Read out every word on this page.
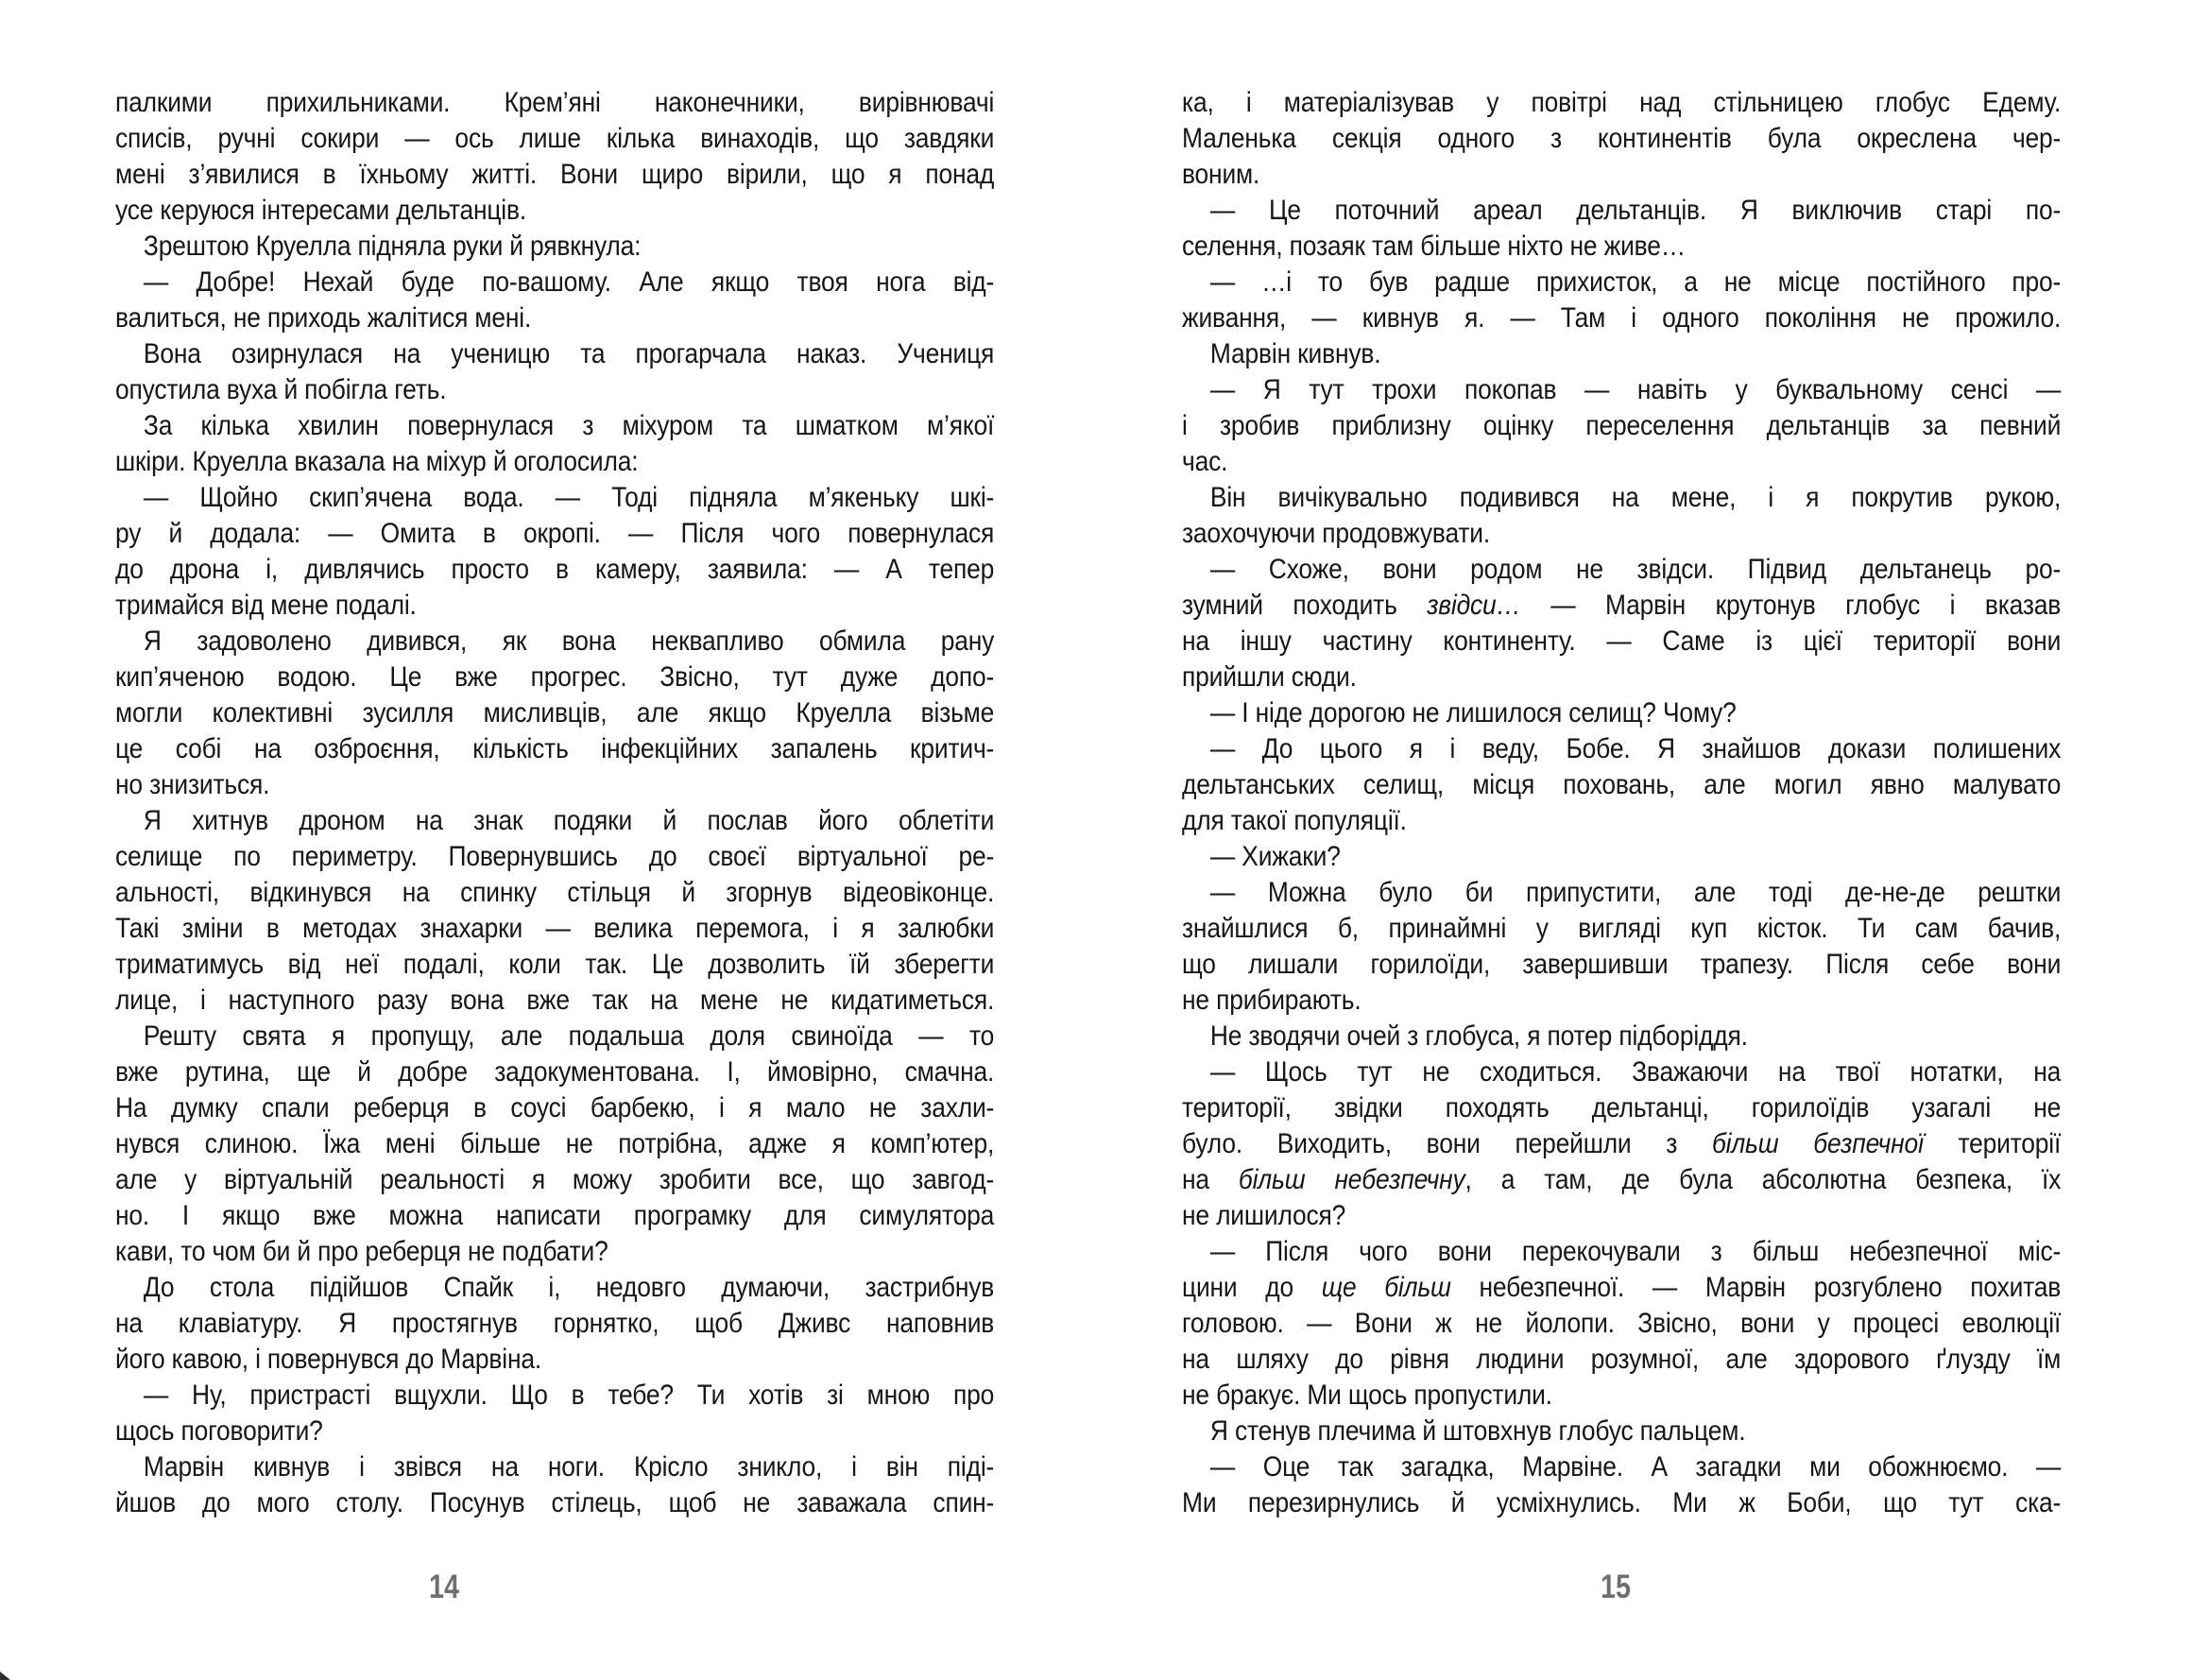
палкими прихильниками. Крем’яні наконечники, вирівнювачі
списів, ручні сокири — ось лише кілька винаходів, що завдяки
мені з’явилися в їхньому житті. Вони щиро вірили, що я понад
усе керуюся інтересами дельтанців.
Зрештою Круелла підняла руки й рявкнула:
— Добре! Нехай буде по-вашому. Але якщо твоя нога від-
валиться, не приходь жалітися мені.
Вона озирнулася на ученицю та прогарчала наказ. Учениця
опустила вуха й побігла геть.
За кілька хвилин повернулася з міхуром та шматком м’якої
шкіри. Круелла вказала на міхур й оголосила:
— Щойно скип’ячена вода. — Тоді підняла м’якеньку шкі-
ру й додала: — Омита в окропі. — Після чого повернулася
до дрона і, дивлячись просто в камеру, заявила: — А тепер
тримайся від мене подалі.
Я задоволено дивився, як вона неквапливо обмила рану
кип’яченою водою. Це вже прогрес. Звісно, тут дуже допо-
могли колективні зусилля мисливців, але якщо Круелла візьме
це собі на озброєння, кількість інфекційних запалень критич-
но знизиться.
Я хитнув дроном на знак подяки й послав його облетіти
селище по периметру. Повернувшись до своєї віртуальної ре-
альності, відкинувся на спинку стільця й згорнув відеовіконце.
Такі зміни в методах знахарки — велика перемога, і я залюбки
триматимусь від неї подалі, коли так. Це дозволить їй зберегти
лице, і наступного разу вона вже так на мене не кидатиметься.
Решту свята я пропущу, але подальша доля свиноїда — то
вже рутина, ще й добре задокументована. І, ймовірно, смачна.
На думку спали реберця в соусі барбекю, і я мало не захли-
нувся слиною. Їжа мені більше не потрібна, адже я комп’ютер,
але у віртуальній реальності я можу зробити все, що завгод-
но. І якщо вже можна написати програмку для симулятора
кави, то чом би й про реберця не подбати?
До стола підійшов Спайк і, недовго думаючи, застрибнув
на клавіатуру. Я простягнув горнятко, щоб Дживс наповнив
його кавою, і повернувся до Марвіна.
— Ну, пристрасті вщухли. Що в тебе? Ти хотів зі мною про
щось поговорити?
Марвін кивнув і звівся на ноги. Крісло зникло, і він піді-
йшов до мого столу. Посунув стілець, щоб не заважала спин-
ка, і матеріалізував у повітрі над стільницею глобус Едему.
Маленька секція одного з континентів була окреслена чер-
воним.
— Це поточний ареал дельтанців. Я виключив старі по-
селення, позаяк там більше ніхто не живе…
— …і то був радше прихисток, а не місце постійного про-
живання, — кивнув я. — Там і одного покоління не прожило.
Марвін кивнув.
— Я тут трохи покопав — навіть у буквальному сенсі —
і зробив приблизну оцінку переселення дельтанців за певний
час.
Він вичікувально подивився на мене, і я покрутив рукою,
заохочуючи продовжувати.
— Схоже, вони родом не звідси. Підвид дельтанець ро-
зумний походить звідси… — Марвін крутонув глобус і вказав
на іншу частину континенту. — Саме із цієї території вони
прийшли сюди.
— І ніде дорогою не лишилося селищ? Чому?
— До цього я і веду, Бобе. Я знайшов докази полишених
дельтанських селищ, місця поховань, але могил явно малувато
для такої популяції.
— Хижаки?
— Можна було би припустити, але тоді де-не-де рештки
знайшлися б, принаймні у вигляді куп кісток. Ти сам бачив,
що лишали горилоїди, завершивши трапезу. Після себе вони
не прибирають.
Не зводячи очей з глобуса, я потер підборіддя.
— Щось тут не сходиться. Зважаючи на твої нотатки, на
території, звідки походять дельтанці, горилоїдів узагалі не
було. Виходить, вони перейшли з більш безпечної території
на більш небезпечну, а там, де була абсолютна безпека, їх
не лишилося?
— Після чого вони перекочували з більш небезпечної міс-
цини до ще більш небезпечної. — Марвін розгублено похитав
головою. — Вони ж не йолопи. Звісно, вони у процесі еволюції
на шляху до рівня людини розумної, але здорового ґлузду їм
не бракує. Ми щось пропустили.
Я стенув плечима й штовхнув глобус пальцем.
— Оце так загадка, Марвіне. А загадки ми обожнюємо. —
Ми перезирнулись й усміхнулись. Ми ж Боби, що тут ска-
14	15
